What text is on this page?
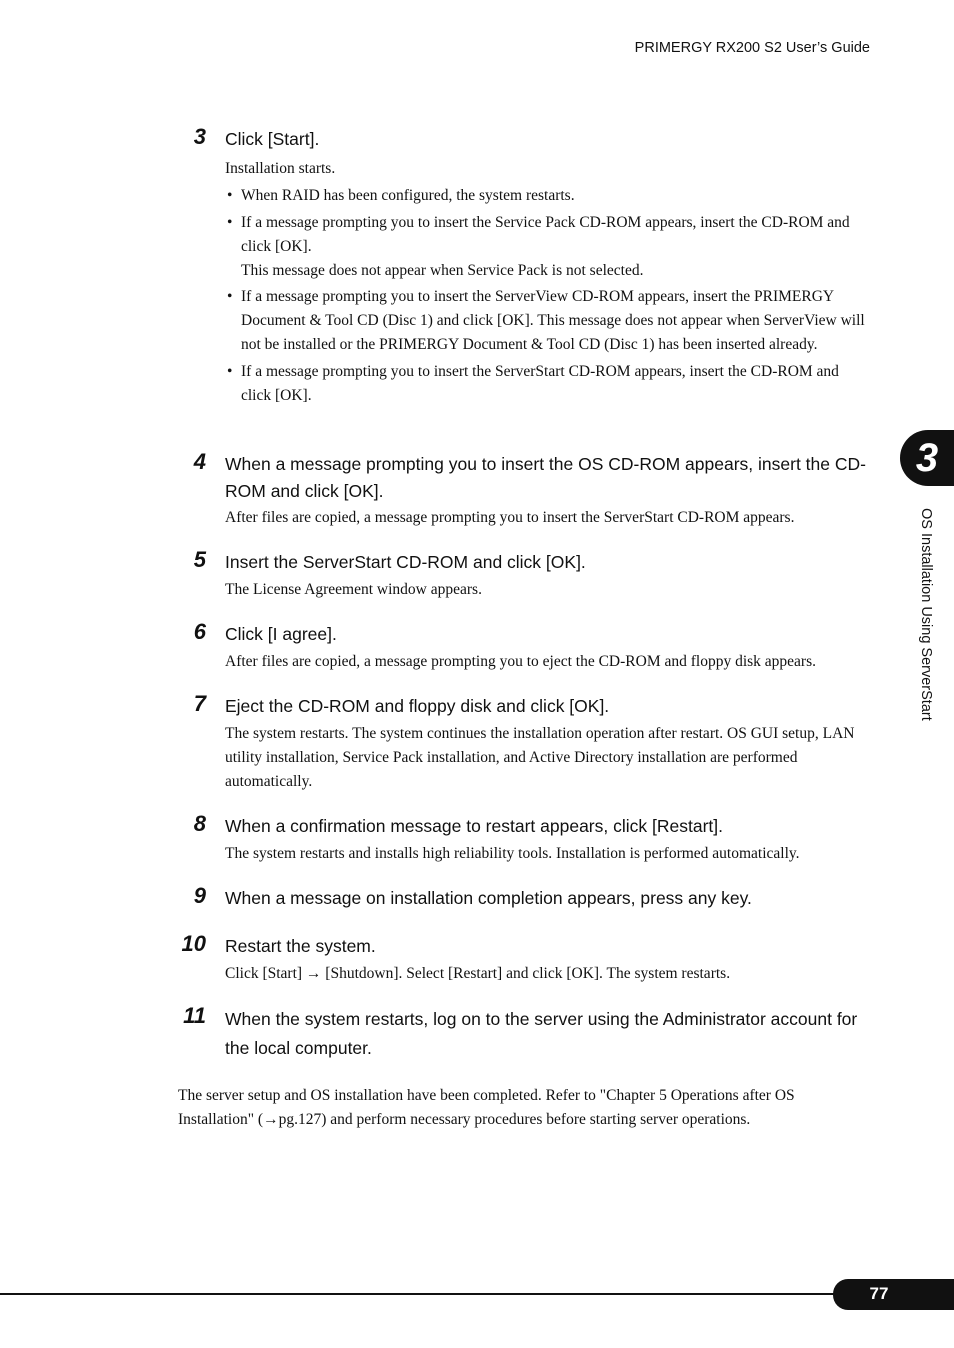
PRIMERGY RX200 S2 User’s Guide
3 Click [Start].
Installation starts.
• When RAID has been configured, the system restarts.
• If a message prompting you to insert the Service Pack CD-ROM appears, insert the CD-ROM and click [OK].
This message does not appear when Service Pack is not selected.
• If a message prompting you to insert the ServerView CD-ROM appears, insert the PRIMERGY Document & Tool CD (Disc 1) and click [OK]. This message does not appear when ServerView will not be installed or the PRIMERGY Document & Tool CD (Disc 1) has been inserted already.
• If a message prompting you to insert the ServerStart CD-ROM appears, insert the CD-ROM and click [OK].
4 When a message prompting you to insert the OS CD-ROM appears, insert the CD-ROM and click [OK].
After files are copied, a message prompting you to insert the ServerStart CD-ROM appears.
5 Insert the ServerStart CD-ROM and click [OK].
The License Agreement window appears.
6 Click [I agree].
After files are copied, a message prompting you to eject the CD-ROM and floppy disk appears.
7 Eject the CD-ROM and floppy disk and click [OK].
The system restarts. The system continues the installation operation after restart. OS GUI setup, LAN utility installation, Service Pack installation, and Active Directory installation are performed automatically.
8 When a confirmation message to restart appears, click [Restart].
The system restarts and installs high reliability tools. Installation is performed automatically.
9 When a message on installation completion appears, press any key.
10 Restart the system.
Click [Start] → [Shutdown]. Select [Restart] and click [OK]. The system restarts.
11 When the system restarts, log on to the server using the Administrator account for the local computer.
The server setup and OS installation have been completed. Refer to "Chapter 5 Operations after OS Installation" (→pg.127) and perform necessary procedures before starting server operations.
3
OS Installation Using ServerStart
77
